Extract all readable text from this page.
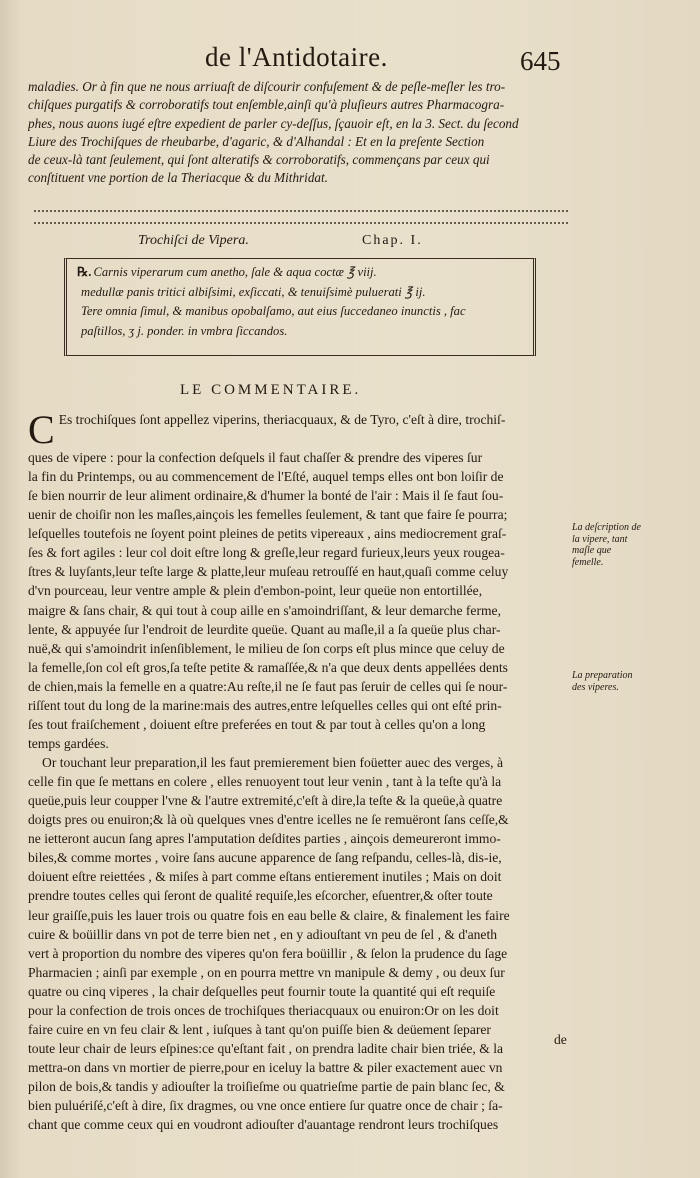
de l'Antidotaire.	645
maladies. Or à fin que ne nous arriuaſt de diſcourir confuſement & de peſle-meſler les tro-
chiſques purgatifs & corroboratifs tout enſemble,ainſi qu'à pluſieurs autres Pharmacogra-
phes, nous auons iugé eſtre expedient de parler cy-deſſus, ſçauoir eſt, en la 3. Sect. du ſecond
Liure des Trochiſques de rheubarbe, d'agaric, & d'Alhandal : Et en la preſente Section
de ceux-là tant ſeulement, qui ſont alteratifs & corroboratifs, commençans par ceux qui
conſtituent vne portion de la Theriacque & du Mithridat.
Trochiſci de Vipera.	Chap. I.
℞. Carnis viperarum cum anetho, ſale & aqua coctæ ℥ viij.
medullæ panis tritici albiſsimi, exſiccati, & tenuiſsimè puluerati ℥ ij.
Tere omnia ſimul, & manibus opobalſamo, aut eius ſuccedaneo inunctis , fac
paſtillos, ʒ j. ponder. in vmbra ſiccandos.
LE COMMENTAIRE.
C Es trochiſques ſont appellez viperins, theriacquaux, & de Tyro, c'eſt à dire, trochiſ-
ques de vipere : pour la confection deſquels il faut chaſſer & prendre des viperes ſur
la fin du Printemps, ou au commencement de l'Eſté, auquel temps elles ont bon loiſir de
ſe bien nourrir de leur aliment ordinaire,& d'humer la bonté de l'air : Mais il ſe faut ſou-
uenir de choiſir non les maſles,ainçois les femelles ſeulement, & tant que faire ſe pourra;
leſquelles toutefois ne ſoyent point pleines de petits vipereaux , ains mediocrement graſ-
ſes & fort agiles : leur col doit eſtre long & greſle,leur regard furieux,leurs yeux rougea-
ſtres & luyſants,leur teſte large & platte,leur muſeau retrouſſé en haut,quaſi comme celuy
d'vn pourceau, leur ventre ample & plein d'embon-point, leur queüe non entortillée,
maigre & ſans chair, & qui tout à coup aille en s'amoindriſſant, & leur demarche ferme,
lente, & appuyée ſur l'endroit de leurdite queüe. Quant au maſle,il a ſa queüe plus char-
nuë,& qui s'amoindrit inſenſiblement, le milieu de ſon corps eſt plus mince que celuy de
la femelle,ſon col eſt gros,ſa teſte petite & ramaſſée,& n'a que deux dents appellées dents
de chien,mais la femelle en a quatre:Au reſte,il ne ſe faut pas ſeruir de celles qui ſe nour-
riſſent tout du long de la marine:mais des autres,entre leſquelles celles qui ont eſté prin-
ſes tout fraiſchement , doiuent eſtre preferées en tout & par tout à celles qu'on a long
temps gardées.
Or touchant leur preparation,il les faut premierement bien foüetter auec des verges, à
celle fin que ſe mettans en colere , elles renuoyent tout leur venin , tant à la teſte qu'à la
queüe,puis leur coupper l'vne & l'autre extremité,c'eſt à dire,la teſte & la queüe,à quatre
doigts pres ou enuiron;& là où quelques vnes d'entre icelles ne ſe remuëront ſans ceſſe,&
ne ietteront aucun ſang apres l'amputation deſdites parties , ainçois demeureront immo-
biles,& comme mortes , voire ſans aucune apparence de ſang reſpandu, celles-là, dis-ie,
doiuent eſtre reiettées , & miſes à part comme eſtans entierement inutiles ; Mais on doit
prendre toutes celles qui ſeront de qualité requiſe,les eſcorcher, eſuentrer,& oſter toute
leur graiſſe,puis les lauer trois ou quatre fois en eau belle & claire, & finalement les faire
cuire & boüillir dans vn pot de terre bien net , en y adiouſtant vn peu de ſel , & d'aneth
vert à proportion du nombre des viperes qu'on fera boüillir , & ſelon la prudence du ſage
Pharmacien ; ainſi par exemple , on en pourra mettre vn manipule & demy , ou deux ſur
quatre ou cinq viperes , la chair deſquelles peut fournir toute la quantité qui eſt requiſe
pour la confection de trois onces de trochiſques theriacquaux ou enuiron:Or on les doit
faire cuire en vn feu clair & lent , iuſques à tant qu'on puiſſe bien & deüement ſeparer
toute leur chair de leurs eſpines:ce qu'eſtant fait , on prendra ladite chair bien triée, & la
mettra-on dans vn mortier de pierre,pour en iceluy la battre & piler exactement auec vn
pilon de bois,& tandis y adiouſter la troiſieſme ou quatrieſme partie de pain blanc ſec, &
bien puluériſé,c'eſt à dire, ſix dragmes, ou vne once entiere ſur quatre once de chair ; ſa-
chant que comme ceux qui en voudront adiouſter d'auantage rendront leurs trochiſques
La deſcription de la vipere, tant maſle que femelle.
La preparation des viperes.
de
